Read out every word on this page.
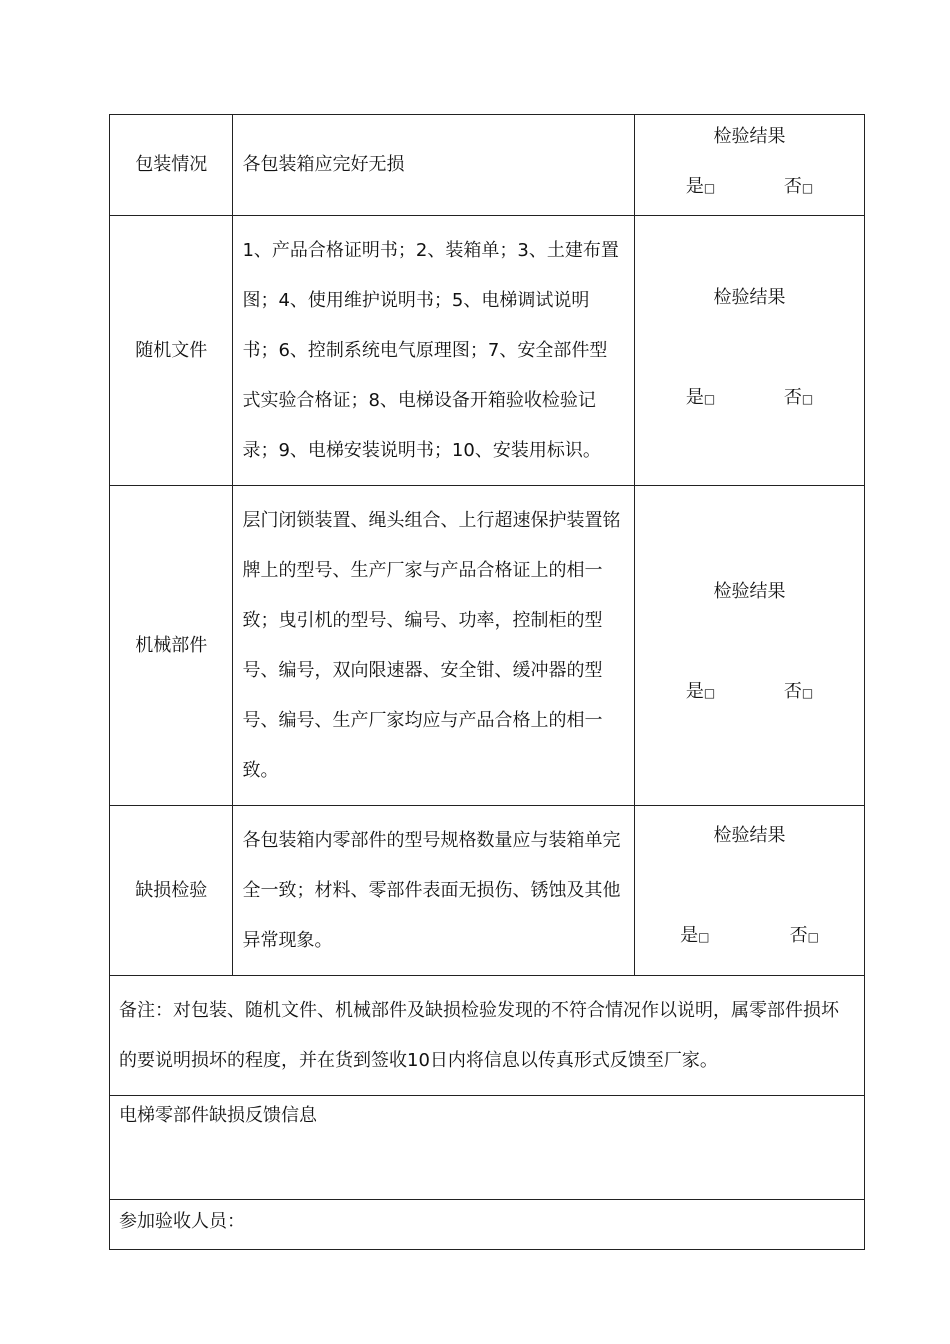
包装情况	各包装箱应完好无损	检验结果
是□ 否□

随机文件	1、产品合格证明书；2、装箱单；3、土建布置图；4、使用维护说明书；5、电梯调试说明书；6、控制系统电气原理图；7、安全部件型式实验合格证；8、电梯设备开箱验收检验记录；9、电梯安装说明书；10、安装用标识。	检验结果
是□ 否□

机械部件	层门闭锁装置、绳头组合、上行超速保护装置铭牌上的型号、生产厂家与产品合格证上的相一致；曳引机的型号、编号、功率，控制柜的型号、编号，双向限速器、安全钳、缓冲器的型号、编号、生产厂家均应与产品合格上的相一致。	检验结果
是□ 否□

缺损检验	各包装箱内零部件的型号规格数量应与装箱单完全一致；材料、零部件表面无损伤、锈蚀及其他异常现象。	检验结果
是□ 否□

备注：对包装、随机文件、机械部件及缺损检验发现的不符合情况作以说明，属零部件损坏的要说明损坏的程度，并在货到签收10日内将信息以传真形式反馈至厂家。		

电梯零部件缺损反馈信息		

参加验收人员：		
